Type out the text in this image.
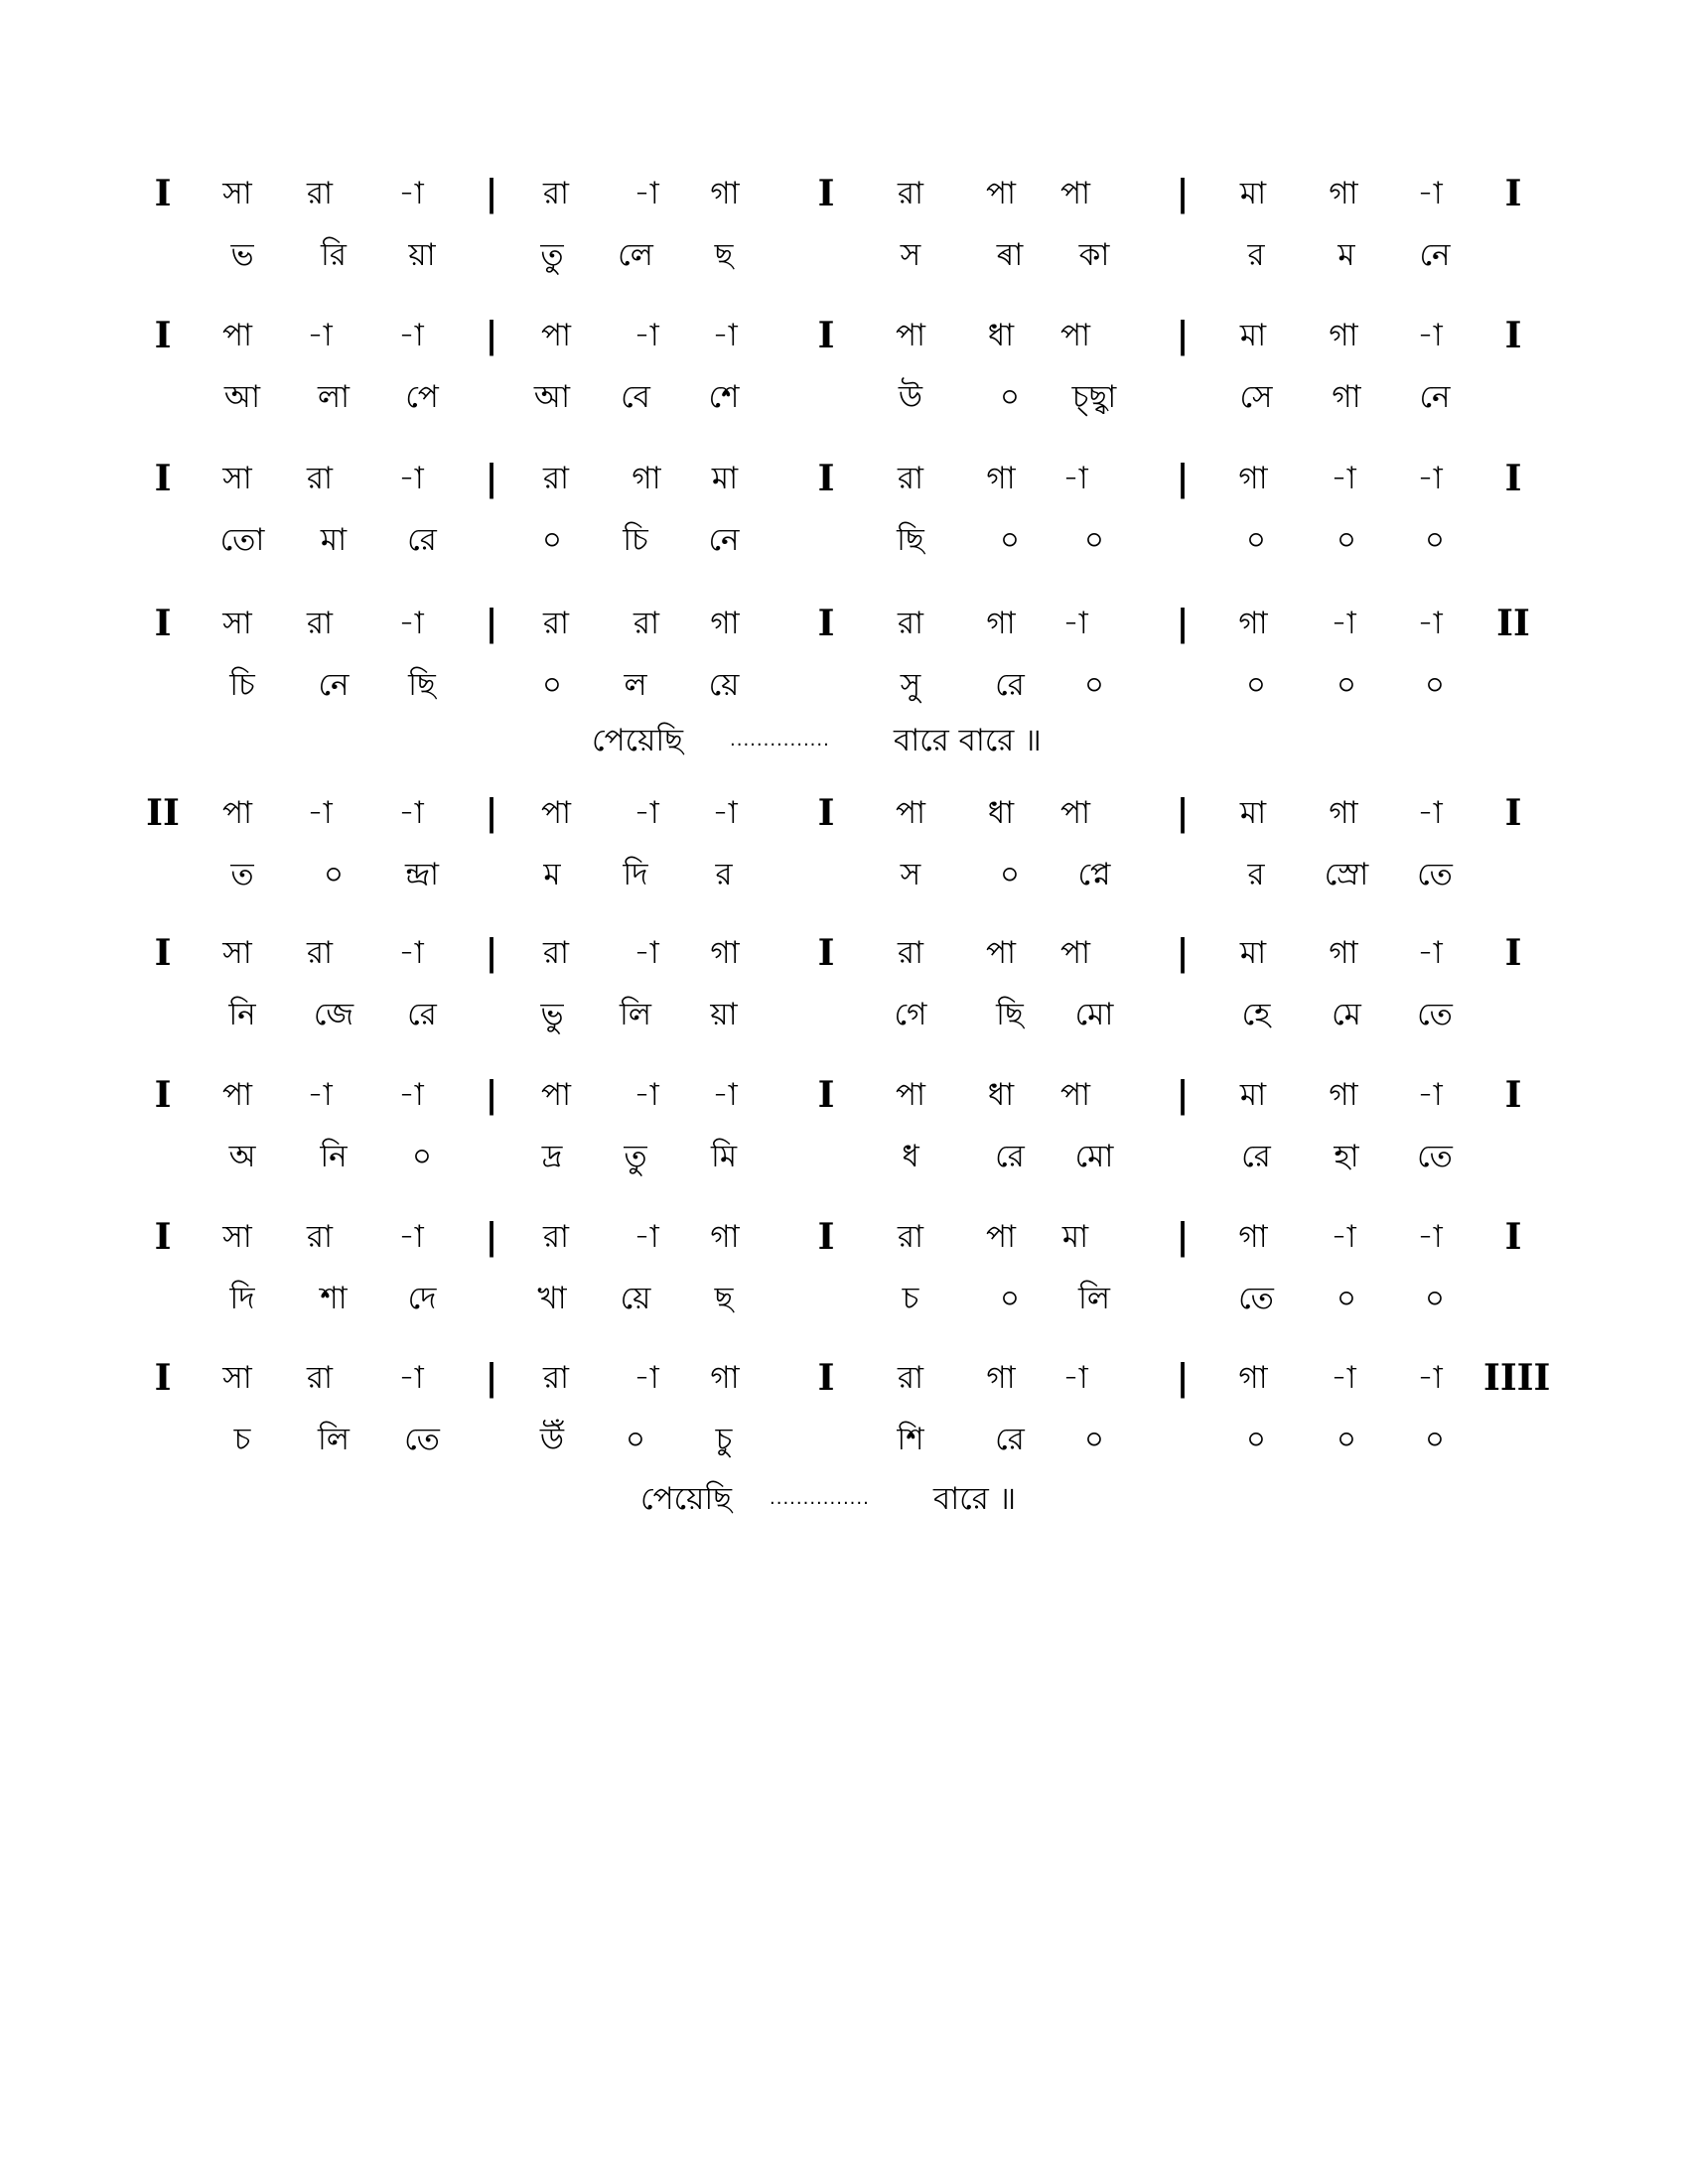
I	সা	রা	-া	|	রা	-া	গা	I	রা	পা	পা	|	মা	গা	-া	I
ভ	রি	য়া	তু	লে	ছ	স	ৰা	কা	র	ম	নে
I	পা	-া	-া	|	পা	-া	-া	I	পা	ধা	পা	|	মা	গা	-া	I
আ	লা	পে	আ	বে	শে	উ	০	চ্ছ্বা	সে	গা	নে
I	সা	রা	-া	|	রা	গা	মা	I	রা	গা	-া	|	গা	-া	-া	I
তো	মা	রে	০	চি	নে	ছি	০	০	০	০	০
I	সা	রা	-া	|	রা	রা	গা	I	রা	গা	-া	|	গা	-া	-া	II
চি	নে	ছি	০	ল	য়ে	সু	রে	০	০	০	০
II	পা	-া	-া	|	পা	-া	-া	I	পা	ধা	পা	|	মা	গা	-া	I
ত	০	ন্দ্রা	ম	দি	র	স	০	প্নে	র	স্রো	তে
I	সা	রা	-া	|	রা	-া	গা	I	রা	পা	পা	|	মা	গা	-া	I
নি	জে	রে	ভু	লি	য়া	গে	ছি	মো	হে	মে	তে
I	পা	-া	-া	|	পা	-া	-া	I	পা	ধা	পা	|	মা	গা	-া	I
অ	নি	০	দ্র	তু	মি	ধ	রে	মো	রে	হা	তে
I	সা	রা	-া	|	রা	-া	গা	I	রা	পা	মা	|	গা	-া	-া	I
দি	শা	দে	খা	য়ে	ছ	চ	০	লি	তে	০	০
I	সা	রা	-া	|	রা	-া	গা	I	রা	গা	-া	|	গা	-া	-া	IIII
চ	লি	তে	উঁ	০	চু	শি	রে	০	০	০	০
পেয়েছি	............... বারে বারে ॥
পেয়েছি ............... বারে ॥
